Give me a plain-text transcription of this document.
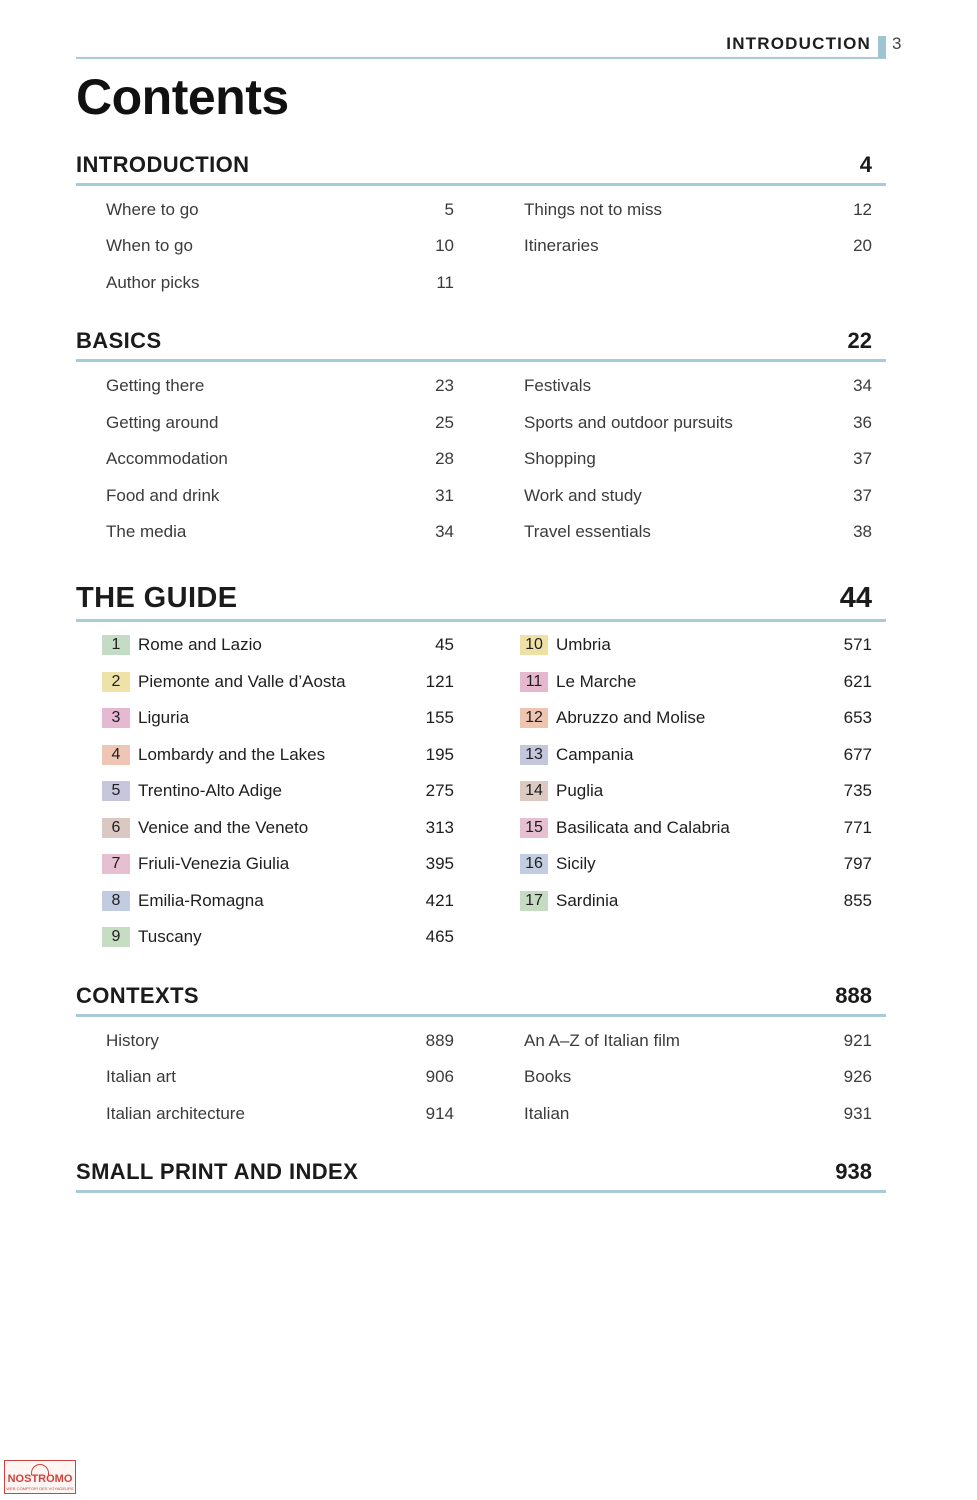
INTRODUCTION 3
Contents
INTRODUCTION	4
Where to go	5
When to go	10
Author picks	11
Things not to miss	12
Itineraries	20
BASICS	22
Getting there	23
Getting around	25
Accommodation	28
Food and drink	31
The media	34
Festivals	34
Sports and outdoor pursuits	36
Shopping	37
Work and study	37
Travel essentials	38
THE GUIDE	44
1	Rome and Lazio	45
2	Piemonte and Valle d’Aosta	121
3	Liguria	155
4	Lombardy and the Lakes	195
5	Trentino-Alto Adige	275
6	Venice and the Veneto	313
7	Friuli-Venezia Giulia	395
8	Emilia-Romagna	421
9	Tuscany	465
10 Umbria	571
11 Le Marche	621
12 Abruzzo and Molise	653
13 Campania	677
14 Puglia	735
15 Basilicata and Calabria	771
16 Sicily	797
17 Sardinia	855
CONTEXTS	888
History	889
Italian art	906
Italian architecture	914
An A–Z of Italian film	921
Books	926
Italian	931
SMALL PRINT AND INDEX	938
NOSTROMO
WEB COMPTOIR DES VOYAGEURS
